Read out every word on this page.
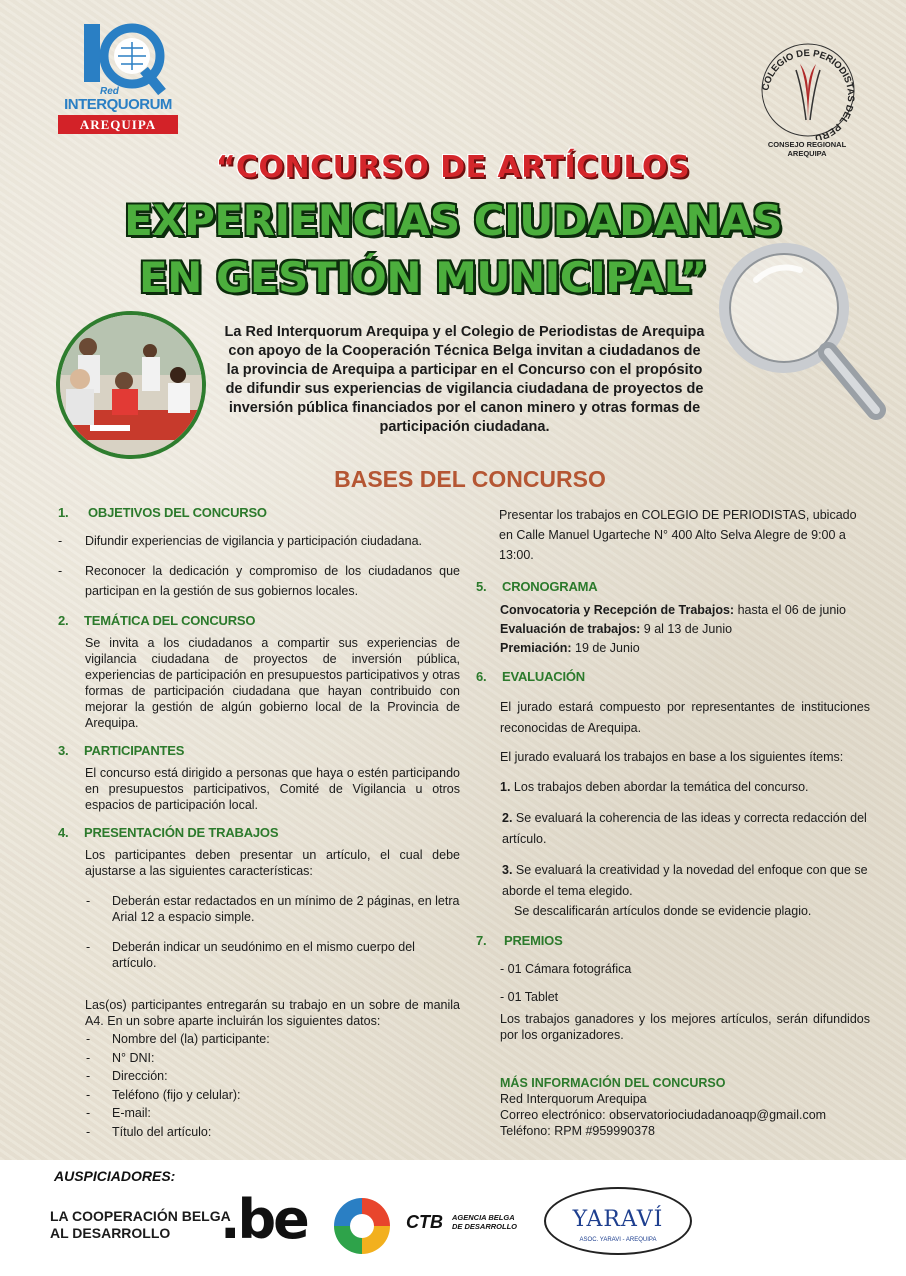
Red
INTERQUORUM
AREQUIPA
COLEGIO DE PERIODISTAS DEL PERU
CONSEJO REGIONAL
AREQUIPA
“CONCURSO DE ARTÍCULOS
EXPERIENCIAS CIUDADANAS
EN GESTIÓN MUNICIPAL”
La Red Interquorum Arequipa y el Colegio de Periodistas de Arequipa con apoyo de la Cooperación Técnica Belga invitan a ciudadanos de la provincia de Arequipa a participar en el Concurso con el propósito de difundir sus experiencias de vigilancia ciudadana de proyectos de inversión pública financiados por el canon minero y otras formas de participación ciudadana.
BASES DEL CONCURSO
1.	OBJETIVOS DEL CONCURSO
-	Difundir experiencias de vigilancia y participación ciudadana.
-	Reconocer la dedicación y compromiso de los ciudadanos que participan en la gestión de sus gobiernos locales.
2.	TEMÁTICA DEL CONCURSO
Se invita a los ciudadanos a compartir sus experiencias de vigilancia ciudadana de proyectos de inversión pública, experiencias de participación en presupuestos participativos y otras formas de participación ciudadana que hayan contribuido con mejorar la gestión de algún gobierno local de la Provincia de Arequipa.
3.	PARTICIPANTES
El concurso está dirigido a personas que haya o estén participando en presupuestos participativos, Comité de Vigilancia u otros espacios de participación local.
4.	PRESENTACIÓN DE TRABAJOS
Los participantes deben presentar un artículo, el cual debe ajustarse a las siguientes características:
-	Deberán estar redactados en un mínimo de 2 páginas, en letra Arial 12 a espacio simple.
-	Deberán indicar un seudónimo en el mismo cuerpo del artículo.
Las(os) participantes entregarán su trabajo en un sobre de manila A4. En un sobre aparte incluirán los siguientes datos:
-	Nombre del (la) participante:
-	N° DNI:
-	Dirección:
-	Teléfono (fijo y celular):
-	E-mail:
-	Título del artículo:
Presentar los trabajos en COLEGIO DE PERIODISTAS, ubicado en Calle Manuel Ugarteche N° 400 Alto Selva Alegre de 9:00 a 13:00.
5.	CRONOGRAMA
Convocatoria y Recepción de Trabajos: hasta el 06 de junio
Evaluación de trabajos: 9 al 13 de Junio
Premiación: 19 de Junio
6.	EVALUACIÓN
El jurado estará compuesto por representantes de instituciones reconocidas de Arequipa.
El jurado evaluará los trabajos en base a los siguientes ítems:
1. Los trabajos deben abordar la temática del concurso.
2. Se evaluará la coherencia de las ideas y correcta redacción del artículo.
3. Se evaluará la creatividad y la novedad del enfoque con que se aborde el tema elegido.
Se descalificarán artículos donde se evidencie plagio.
7.	PREMIOS
- 01 Cámara fotográfica
- 01 Tablet
Los trabajos ganadores y los mejores artículos, serán difundidos por los organizadores.
MÁS INFORMACIÓN DEL CONCURSO
Red Interquorum Arequipa
Correo electrónico: observatoriociudadanoaqp@gmail.com
Teléfono: RPM #959990378
AUSPICIADORES:
LA COOPERACIÓN BELGA
AL DESARROLLO .be	CTB AGENCIA BELGA
DE DESARROLLO	YARAVÍ
ASOC. YARAVI - AREQUIPA
